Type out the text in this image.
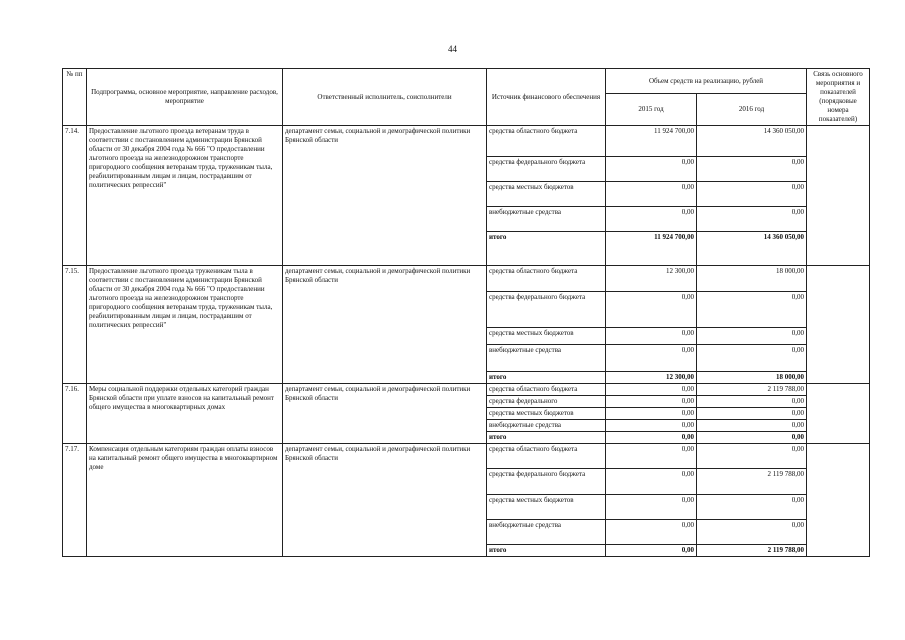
44
№ пп	Подпрограмма, основное мероприятие, направление расходов, мероприятие	Ответственный исполнитель, соисполнители	Источник финансового обеспечения	Объем средств на реализацию, рублей		Связь основного мероприятия и показателей (порядковые номера показателей)
				2015 год	2016 год	
7.14.	Предоставление льготного проезда ветеранам труда в соответствии с постановлением администрации Брянской области от 30 декабря 2004 года № 666 "О предоставлении льготного проезда на железнодорожном транспорте пригородного сообщения ветеранам труда, труженикам тыла, реабилитированным лицам и лицам, пострадавшим от политических репрессий"	департамент семьи, социальной и демографической политики Брянской области	средства областного бюджета	11 924 700,00	14 360 050,00	
			средства федерального бюджета	0,00	0,00	
			средства местных бюджетов	0,00	0,00	
			внебюджетные средства	0,00	0,00	
			итого	11 924 700,00	14 360 050,00	
7.15.	Предоставление льготного проезда труженикам тыла в соответствии с постановлением администрации Брянской области от 30 декабря 2004 года № 666 "О предоставлении льготного проезда на железнодорожном транспорте пригородного сообщения ветеранам труда, труженикам тыла, реабилитированным лицам и лицам, пострадавшим от политических репрессий"	департамент семьи, социальной и демографической политики Брянской области	средства областного бюджета	12 300,00	18 000,00	
			средства федерального бюджета	0,00	0,00	
			средства местных бюджетов	0,00	0,00	
			внебюджетные средства	0,00	0,00	
			итого	12 300,00	18 000,00	
7.16.	Меры социальной поддержки отдельных категорий граждан Брянской области при уплате взносов на капитальный ремонт общего имущества в многоквартирных домах	департамент семьи, социальной и демографической политики Брянской области	средства областного бюджета	0,00	2 119 788,00	
			средства федерального	0,00	0,00	
			средства местных бюджетов	0,00	0,00	
			внебюджетные средства	0,00	0,00	
			итого	0,00	0,00	
7.17.	Компенсация отдельным категориям граждан оплаты взносов на капитальный ремонт общего имущества в многоквартирном доме	департамент семьи, социальной и демографической политики Брянской области	средства областного бюджета	0,00	0,00	
			средства федерального бюджета	0,00	2 119 788,00	
			средства местных бюджетов	0,00	0,00	
			внебюджетные средства	0,00	0,00	
			итого	0,00	2 119 788,00	
